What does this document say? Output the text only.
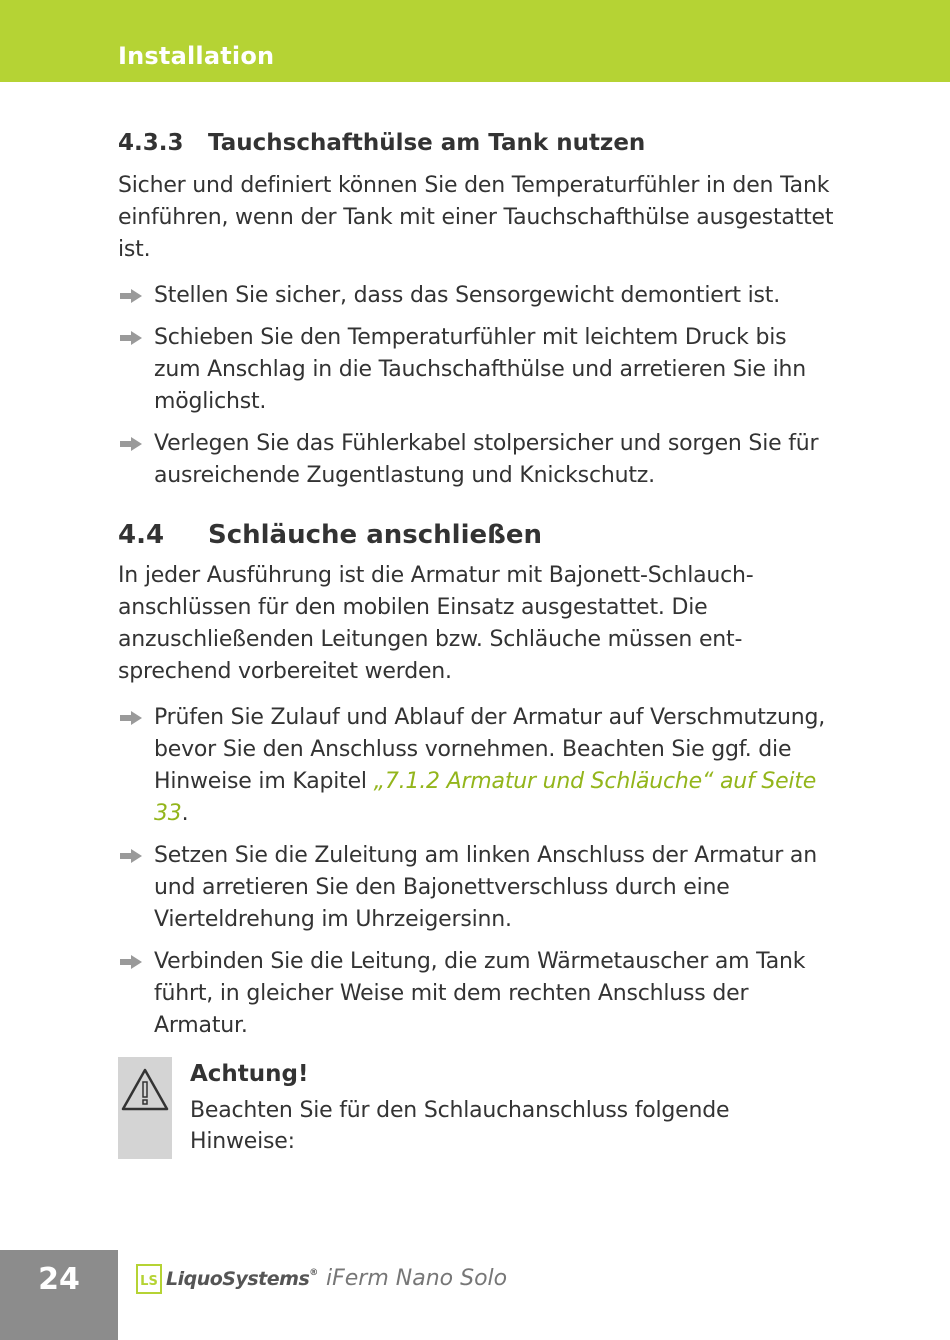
Installation
4.3.3	Tauchschafthülse am Tank nutzen

Sicher und definiert können Sie den Temperaturfühler in den Tank einführen, wenn der Tank mit einer Tauchschafthülse ausgestattet ist.

Stellen Sie sicher, dass das Sensorgewicht demontiert ist.
Schieben Sie den Temperaturfühler mit leichtem Druck bis zum Anschlag in die Tauchschafthülse und arretieren Sie ihn möglichst.
Verlegen Sie das Fühlerkabel stolpersicher und sorgen Sie für ausreichende Zugentlastung und Knickschutz.
4.4	Schläuche anschließen

In jeder Ausführung ist die Armatur mit Bajonett-Schlauchanschlüssen für den mobilen Einsatz ausgestattet. Die anzuschließenden Leitungen bzw. Schläuche müssen entsprechend vorbereitet werden.

Prüfen Sie Zulauf und Ablauf der Armatur auf Verschmutzung, bevor Sie den Anschluss vornehmen. Beachten Sie ggf. die Hinweise im Kapitel „7.1.2 Armatur und Schläuche“ auf Seite 33.
Setzen Sie die Zuleitung am linken Anschluss der Armatur an und arretieren Sie den Bajonettverschluss durch eine Vierteldrehung im Uhrzeigersinn.
Verbinden Sie die Leitung, die zum Wärmetauscher am Tank führt, in gleicher Weise mit dem rechten Anschluss der Armatur.
Achtung!
Beachten Sie für den Schlauchanschluss folgende Hinweise:
24	LS LiquoSystems® iFerm Nano Solo
